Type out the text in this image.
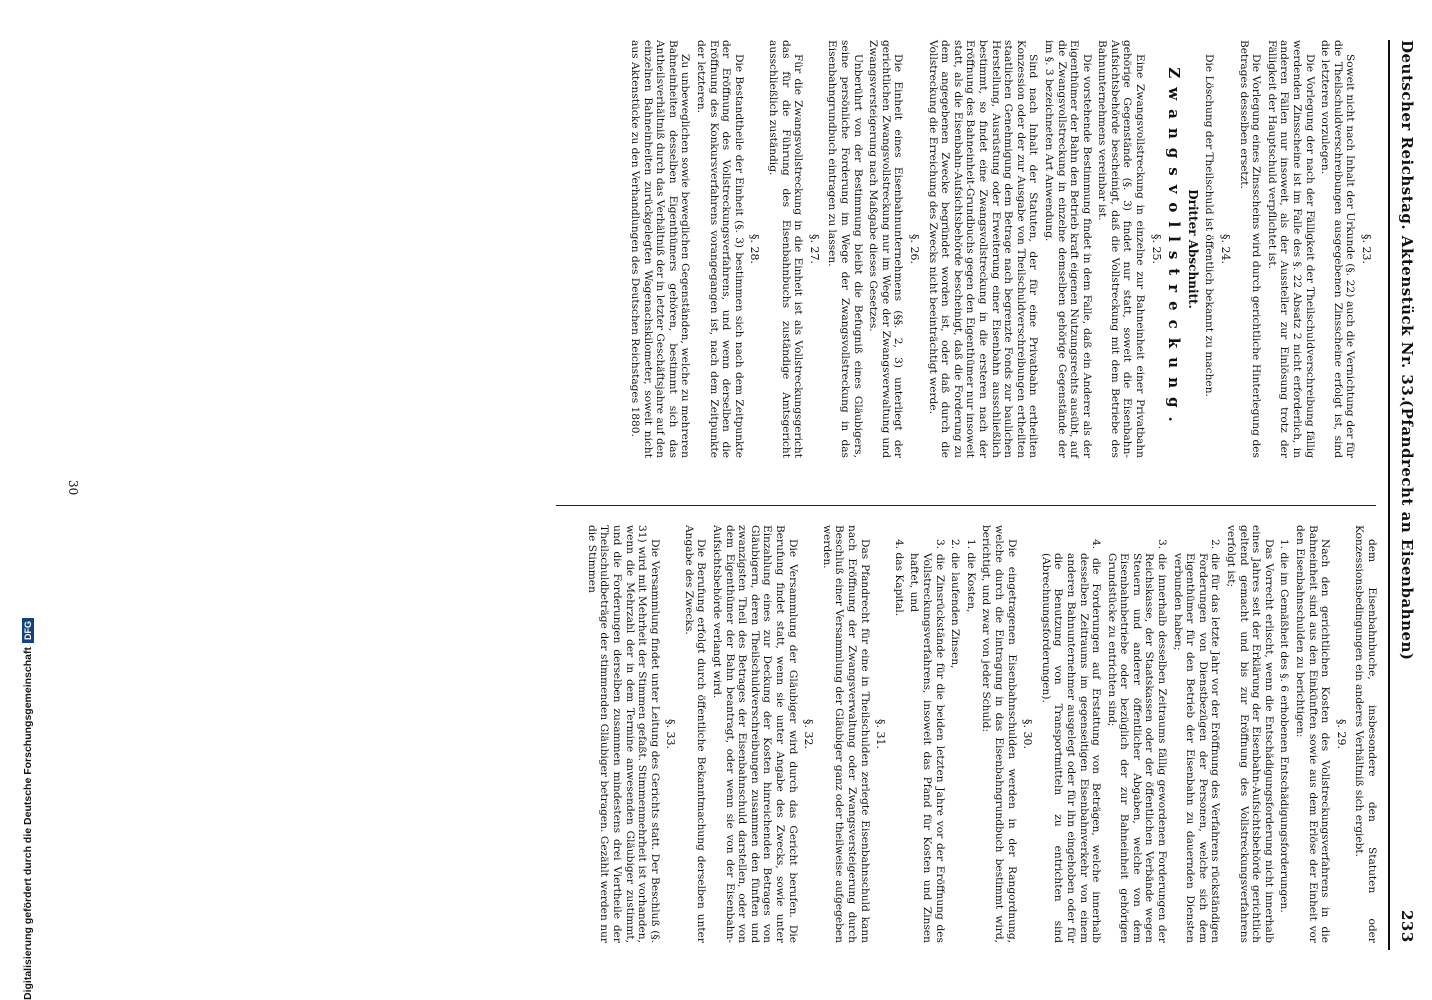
Deutscher Reichstag. Aktenstück Nr. 33.
(Pfandrecht an Eisenbahnen)
233

§. 23.

Soweit nicht nach Inhalt der Urkunde (§. 22) auch die Vernichtung der für die Theilschuldverschreibungen ausgegebenen Zinsscheine erfolgt ist, sind die letzteren vorzulegen.

Die Vorlegung der nach der Fälligkeit der Theilschuldverschreibung fällig werdenden Zinsscheine ist im Falle des §. 22 Absatz 2 nicht erforderlich, in anderen Fällen nur insoweit, als der Aussteller zur Einlösung trotz der Fälligkeit der Hauptschuld verpflichtet ist.

Die Vorlegung eines Zinsscheins wird durch gerichtliche Hinterlegung des Betrages desselben ersetzt.

§. 24.

Die Löschung der Theilschuld ist öffentlich bekannt zu machen.

Dritter Abschnitt.

Zwangsvollstreckung.

§. 25.

Eine Zwangsvollstreckung in einzelne zur Bahneinheit einer Privatbahn gehörige Gegenstände (§. 3) findet nur statt, soweit die Eisenbahn-Aufsichtsbehörde bescheinigt, daß die Vollstreckung mit dem Betriebe des Bahnunternehmens vereinbar ist.

Die vorstehende Bestimmung findet in dem Falle, daß ein Anderer als der Eigenthümer der Bahn den Betrieb kraft eigenen Nutzungsrechts ausübt, auf die Zwangsvollstreckung in einzelne demselben gehörige Gegenstände der im §. 3 bezeichneten Art Anwendung.

Sind nach Inhalt der Statuten, der für eine Privatbahn ertheilten Konzession oder der zur Ausgabe von Theilschuldverschreibungen ertheilten staatlichen Genehmigung dem Betrage nach begrenzte Fonds zur baulichen Herstellung, Ausrüstung oder Erweiterung einer Eisenbahn ausschließlich bestimmt, so findet eine Zwangsvollstreckung in die ersteren nach der Eröffnung des Bahneinheit-Grundbuchs gegen den Eigenthümer nur insoweit statt, als die Eisenbahn-Aufsichtsbehörde bescheinigt, daß die Forderung zu dem angegebenen Zwecke begründet worden ist, oder daß durch die Vollstreckung die Erreichung des Zwecks nicht beeinträchtigt werde.

§. 26.

Die Einheit eines Eisenbahnunternehmens (§§. 2, 3) unterliegt der gerichtlichen Zwangsvollstreckung nur im Wege der Zwangsverwaltung und Zwangsversteigerung nach Maßgabe dieses Gesetzes.

Unberührt von der Bestimmung bleibt die Befugniß eines Gläubigers, seine persönliche Forderung im Wege der Zwangsvollstreckung in das Eisenbahngrundbuch eintragen zu lassen.

§. 27.

Für die Zwangsvollstreckung in die Einheit ist als Vollstreckungsgericht das für die Führung des Eisenbahnbuchs zuständige Amtsgericht ausschließlich zuständig.

§. 28.

Die Bestandtheile der Einheit (§. 3) bestimmen sich nach dem Zeitpunkte der Eröffnung des Vollstreckungsverfahrens, und wenn derselben die Eröffnung des Konkursverfahrens vorangegangen ist, nach dem Zeitpunkte der letzteren.

Zu unbeweglichen sowie beweglichen Gegenständen, welche zu mehreren Bahneinheiten desselben Eigenthümers gehören, bestimmt sich das Antheilsverhältniß durch das Verhältniß der in letzter Geschäftsjahre auf den einzelnen Bahneinheiten zurückgelegten Wagenachskilometer, soweit nicht aus Aktenstücke zu den Verhandlungen des Deutschen Reichstages 1880.

dem Eisenbahnbuche, insbesondere den Statuten oder Konzessionsbedingungen ein anderes Verhältniß sich ergiebt.

§. 29.

Nach den gerichtlichen Kosten des Vollstreckungsverfahrens in die Bahneinheit sind aus den Einkünften sowie aus dem Erlöse der Einheit vor den Eisenbahnschulden zu berichtigen:

1. die im Gemäßheit des §. 6 erhobenen Entschädigungsforderungen.

Das Vorrecht erlischt, wenn die Entschädigungsforderung nicht innerhalb eines Jahres seit der Erklärung der Eisenbahn-Aufsichtsbehörde gerichtlich geltend gemacht und bis zur Eröffnung des Vollstreckungsverfahrens verfolgt ist;

2. die für das letzte Jahr vor der Eröffnung des Verfahrens rückständigen Forderungen von Dienstbezügen der Personen, welche sich dem Eigenthümer für den Betrieb der Eisenbahn zu dauernden Diensten verbunden haben;

3. die innerhalb desselben Zeitraums fällig gewordenen Forderungen der Reichskasse, der Staatskassen oder der öffentlichen Verbände wegen Steuern und anderer öffentlicher Abgaben, welche von dem Eisenbahnbetriebe oder bezüglich der zur Bahneinheit gehörigen Grundstücke zu entrichten sind;

4. die Forderungen auf Erstattung von Beträgen, welche innerhalb desselben Zeitraums im gegenseitigen Eisenbahnverkehr von einem anderen Bahnunternehmer ausgelegt oder für ihn eingehoben oder für die Benutzung von Transportmitteln zu entrichten sind (Abrechnungsforderungen).

§. 30.

Die eingetragenen Eisenbahnschulden werden in der Rangordnung, welche durch die Eintragung in das Eisenbahngrundbuch bestimmt wird, berichtigt, und zwar von jeder Schuld:

1. die Kosten,

2. die laufenden Zinsen,

3. die Zinsrückstände für die beiden letzten Jahre vor der Eröffnung des Vollstreckungsverfahrens, insoweit das Pfand für Kosten und Zinsen haftet, und

4. das Kapital.

§. 31.

Das Pfandrecht für eine in Theilschulden zerlegte Eisenbahnschuld kann nach Eröffnung der Zwangsverwaltung oder Zwangsversteigerung durch Beschluß einer Versammlung der Gläubiger ganz oder theilweise aufgegeben werden.

§. 32.

Die Versammlung der Gläubiger wird durch das Gericht berufen. Die Berufung findet statt, wenn sie unter Angabe des Zwecks, sowie unter Einzahlung eines zur Deckung der Kosten hinreichenden Betrages von Gläubigern, deren Theilschuldverschreibungen zusammen den fünften und zwanzigsten Theil des Betrages der Eisenbahnschuld darstellen, oder von dem Eigenthümer der Bahn beantragt, oder wenn sie von der Eisenbahn-Aufsichtsbehörde verlangt wird.

Die Berufung erfolgt durch öffentliche Bekanntmachung derselben unter Angabe des Zwecks.

§. 33.

Die Versammlung findet unter Leitung des Gerichts statt. Der Beschluß (§. 31) wird mit Mehrheit der Stimmen gefaßt. Stimmenmehrheit ist vorhanden, wenn die Mehrzahl der in dem Termine anwesenden Gläubiger zustimmt, und die Forderungen derselben zusammen mindestens drei Viertheile der Theilschuldbeträge der stimmenden Gläubiger betragen. Gezählt werden nur die Stimmen

30
Digitalisierung gefördert durch die Deutsche ForschungsgemeinschaftDFG
